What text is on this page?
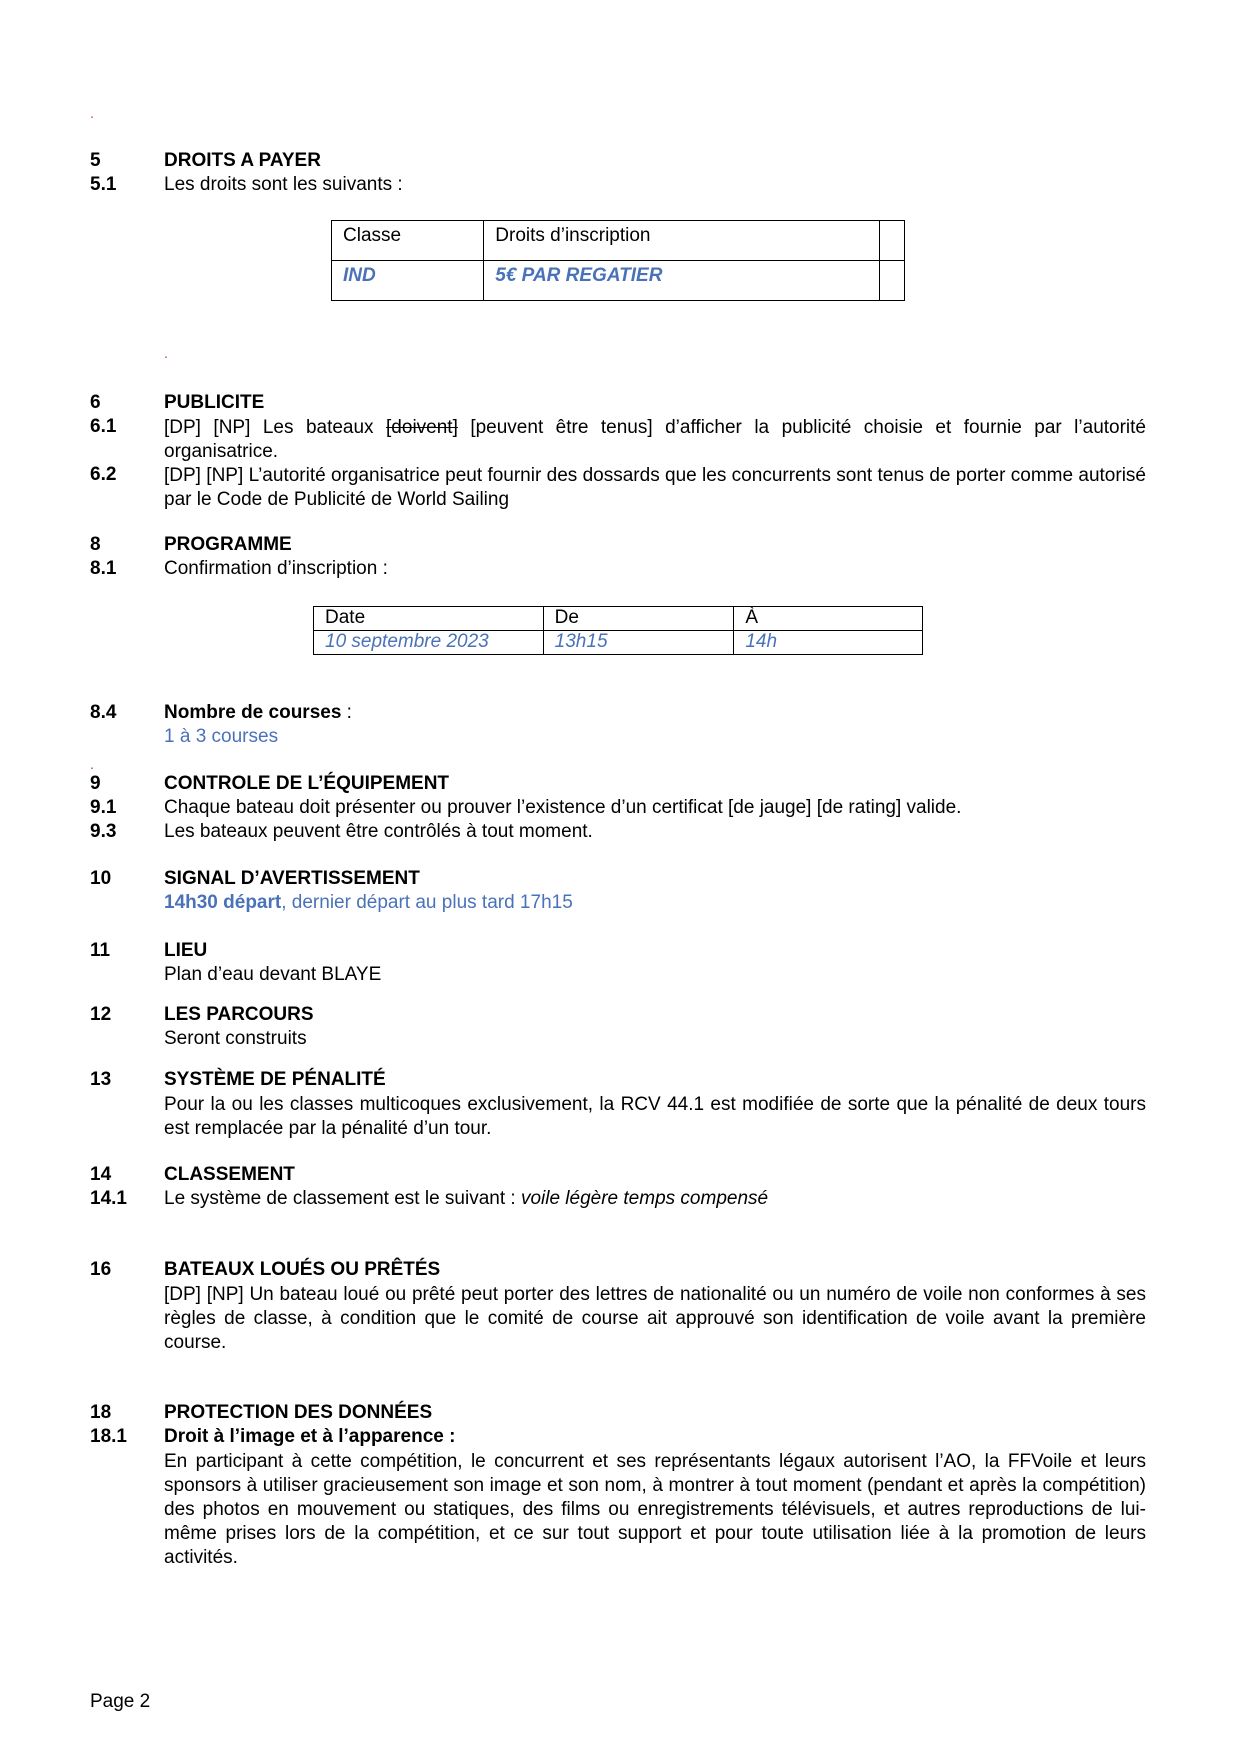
.
.
.
5	DROITS A PAYER
5.1	Les droits sont les suivants :
Classe	Droits d’inscription	
IND	5€ PAR REGATIER	
6	PUBLICITE
6.1	[DP] [NP] Les bateaux [doivent] [peuvent être tenus] d’afficher la publicité choisie et fournie par l’autorité organisatrice.
6.2	[DP] [NP] L’autorité organisatrice peut fournir des dossards que les concurrents sont tenus de porter comme autorisé par le Code de Publicité de World Sailing
8	PROGRAMME
8.1	Confirmation d’inscription :
Date	De	À
10 septembre 2023	13h15	14h
8.4	Nombre de courses :
1 à 3 courses
9	CONTROLE DE L’ÉQUIPEMENT
9.1	Chaque bateau doit présenter ou prouver l’existence d’un certificat [de jauge] [de rating] valide.
9.3	Les bateaux peuvent être contrôlés à tout moment.
10	SIGNAL D’AVERTISSEMENT
14h30 départ, dernier départ au plus tard 17h15
11	LIEU
Plan d’eau devant BLAYE
12	LES PARCOURS
Seront construits
13	SYSTÈME DE PÉNALITÉ
Pour la ou les classes multicoques exclusivement, la RCV 44.1 est modifiée de sorte que la pénalité de deux tours est remplacée par la pénalité d’un tour.
14	CLASSEMENT
14.1 Le système de classement est le suivant : voile légère temps compensé
16	BATEAUX LOUÉS OU PRÊTÉS
[DP] [NP] Un bateau loué ou prêté peut porter des lettres de nationalité ou un numéro de voile non conformes à ses règles de classe, à condition que le comité de course ait approuvé son identification de voile avant la première course.
18	PROTECTION DES DONNÉES
18.1 Droit à l’image et à l’apparence :
En participant à cette compétition, le concurrent et ses représentants légaux autorisent l’AO, la FFVoile et leurs sponsors à utiliser gracieusement son image et son nom, à montrer à tout moment (pendant et après la compétition) des photos en mouvement ou statiques, des films ou enregistrements télévisuels, et autres reproductions de lui-même prises lors de la compétition, et ce sur tout support et pour toute utilisation liée à la promotion de leurs activités.
Page 2
